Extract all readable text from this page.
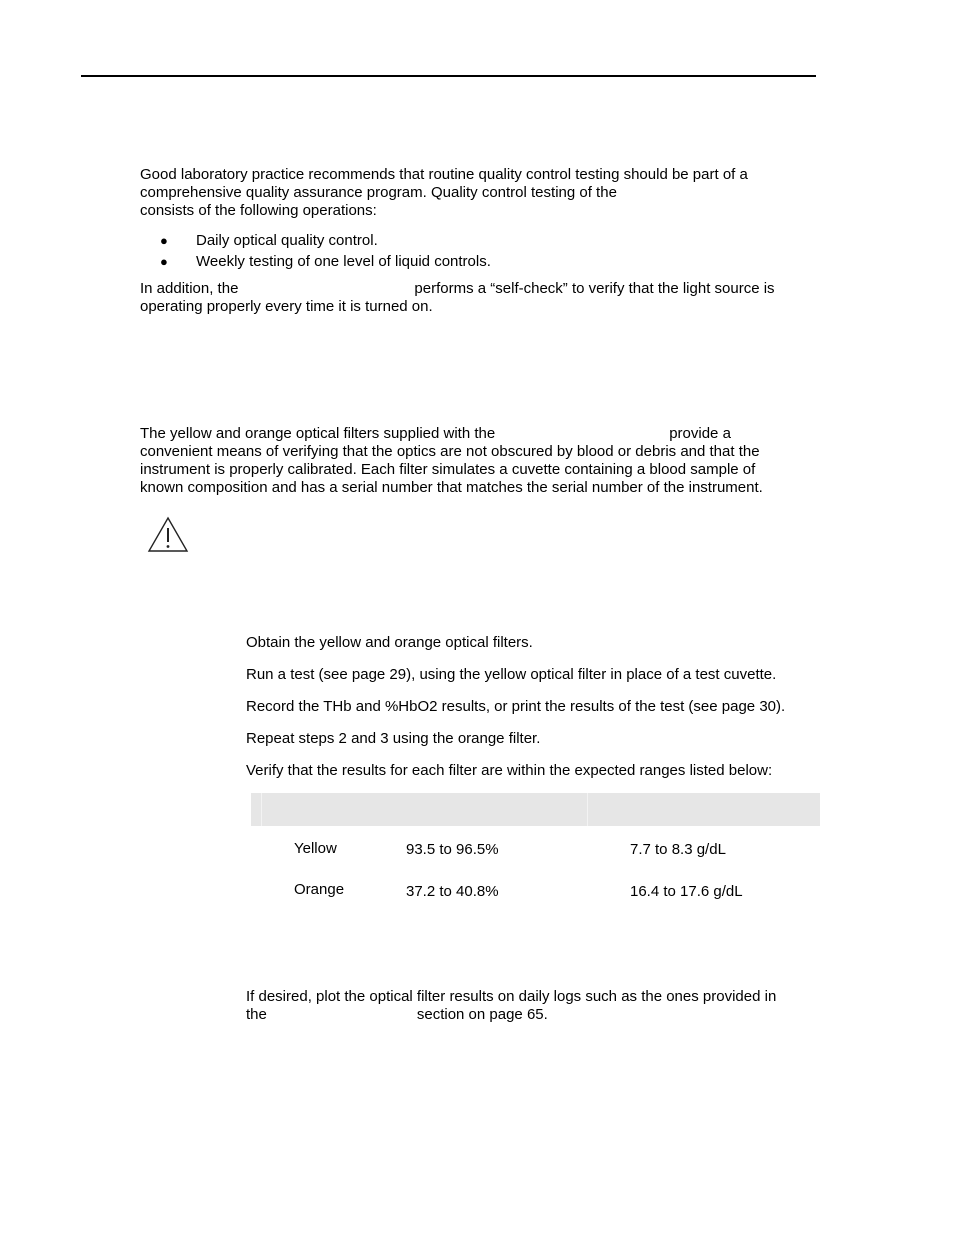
Good laboratory practice recommends that routine quality control testing should be part of a
comprehensive quality assurance program. Quality control testing of the
consists of the following operations:
● Daily optical quality control.
● Weekly testing of one level of liquid controls.
In addition, the	performs a “self-check” to verify that the light source is
operating properly every time it is turned on.
The yellow and orange optical filters supplied with the	provide a
convenient means of verifying that the optics are not obscured by blood or debris and that the
instrument is properly calibrated. Each filter simulates a cuvette containing a blood sample of
known composition and has a serial number that matches the serial number of the instrument.
Obtain the yellow and orange optical filters.
Run a test (see page 29), using the yellow optical filter in place of a test cuvette.
Record the THb and %HbO2 results, or print the results of the test (see page 30).
Repeat steps 2 and 3 using the orange filter.
Verify that the results for each filter are within the expected ranges listed below:
Yellow	93.5 to 96.5%	7.7 to 8.3 g/dL
Orange	37.2 to 40.8%	16.4 to 17.6 g/dL
If desired, plot the optical filter results on daily logs such as the ones provided in
the	section on page 65.
